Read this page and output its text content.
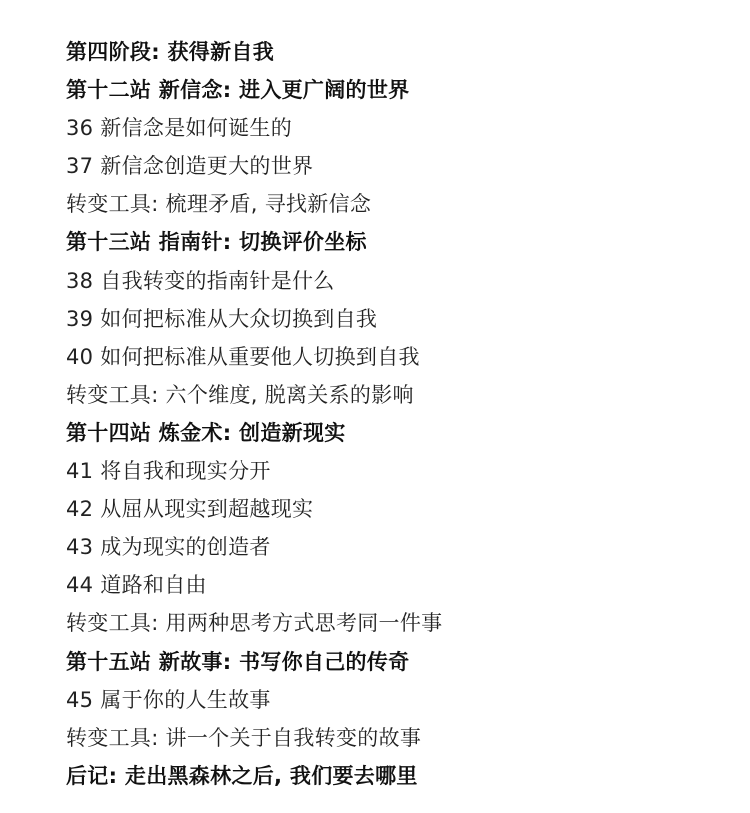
第四阶段: 获得新自我
第十二站 新信念: 进入更广阔的世界
36 新信念是如何诞生的
37 新信念创造更大的世界
转变工具: 梳理矛盾, 寻找新信念
第十三站 指南针: 切换评价坐标
38 自我转变的指南针是什么
39 如何把标准从大众切换到自我
40 如何把标准从重要他人切换到自我
转变工具: 六个维度, 脱离关系的影响
第十四站 炼金术: 创造新现实
41 将自我和现实分开
42 从屈从现实到超越现实
43 成为现实的创造者
44 道路和自由
转变工具: 用两种思考方式思考同一件事
第十五站 新故事: 书写你自己的传奇
45 属于你的人生故事
转变工具: 讲一个关于自我转变的故事
后记: 走出黑森林之后, 我们要去哪里
